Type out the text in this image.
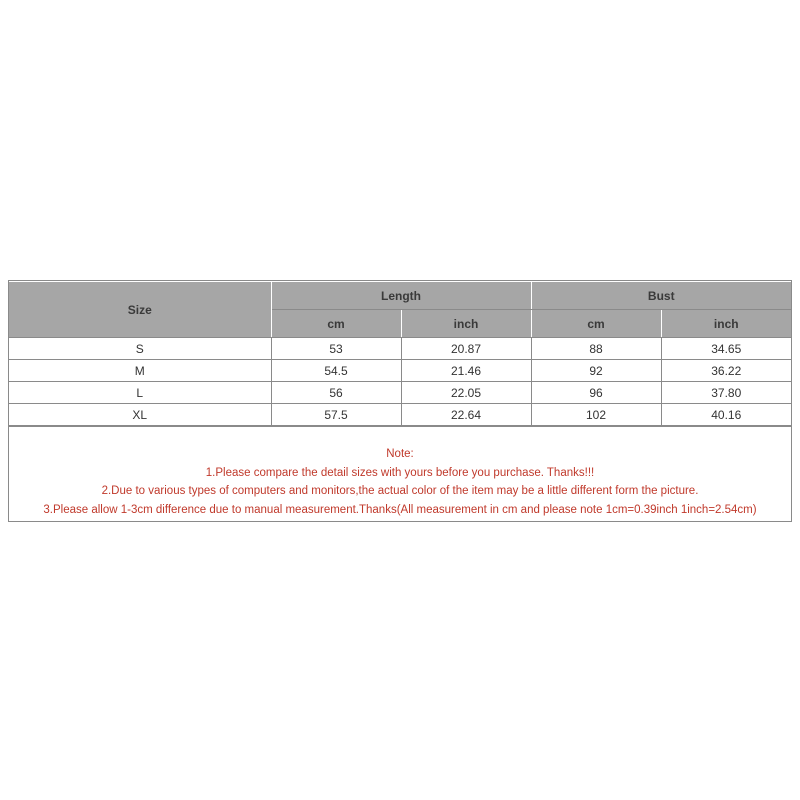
Size	Length		Bust	
	cm	inch	cm	inch
S	53	20.87	88	34.65
M	54.5	21.46	92	36.22
L	56	22.05	96	37.80
XL	57.5	22.64	102	40.16
Note:
1.Please compare the detail sizes with yours before you purchase. Thanks!!!
2.Due to various types of computers and monitors,the actual color of the item may be a little different form the picture.
3.Please allow 1-3cm difference due to manual measurement.Thanks(All measurement in cm and please note 1cm=0.39inch 1inch=2.54cm)
